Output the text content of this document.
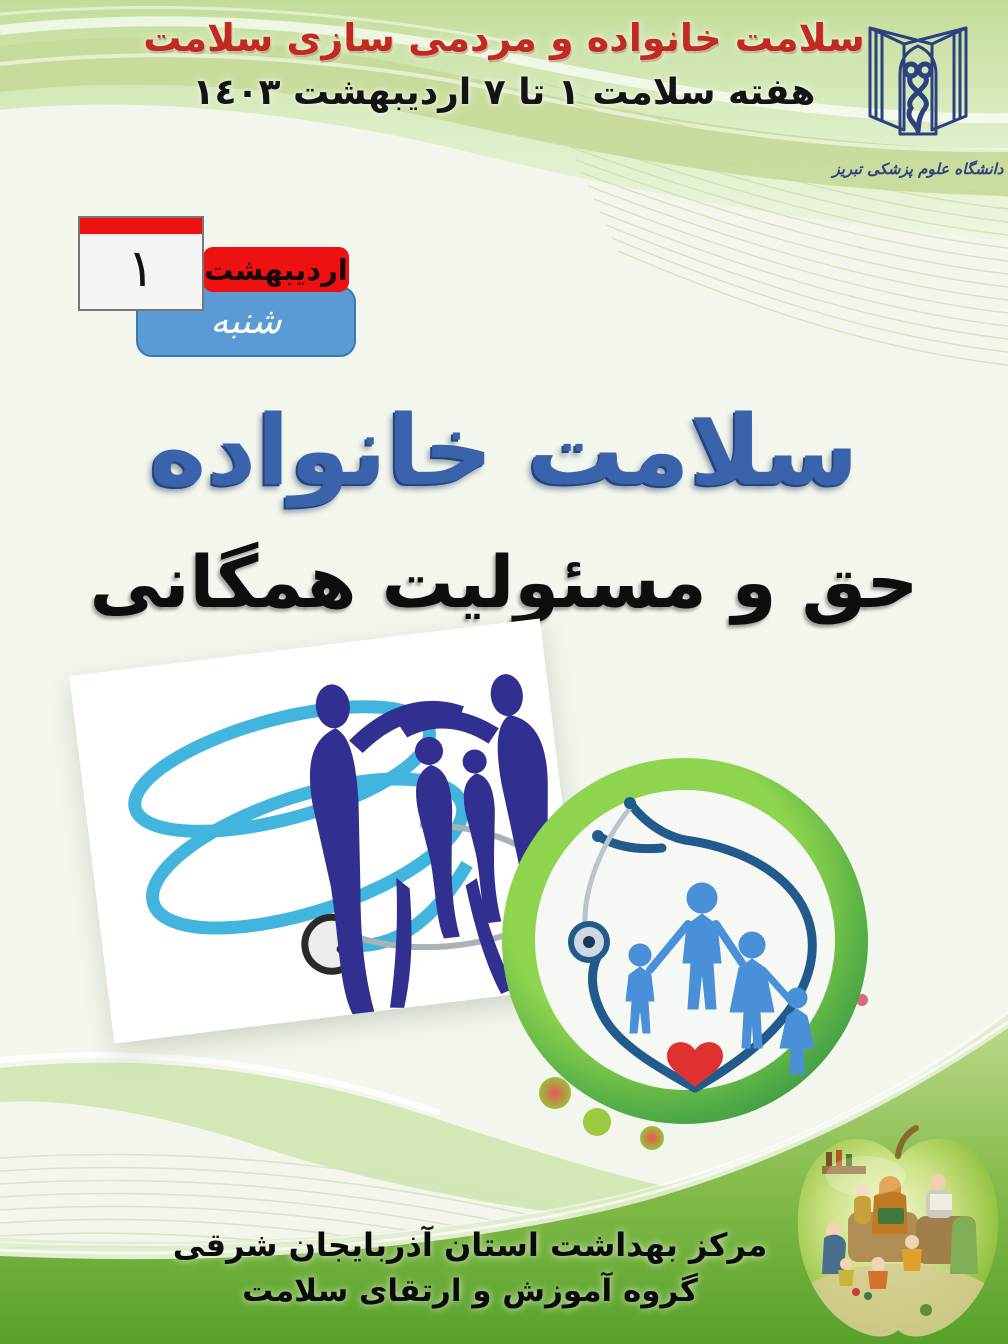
سلامت خانواده و مردمی سازی سلامت
هفته سلامت ١ تا ٧ اردیبهشت ١٤٠٣
دانشگاه علوم پزشکی تبریز
شنبه
اردیبهشت
١
سلامت خانواده
حق و مسئولیت همگانی
مرکز بهداشت استان آذربایجان شرقی
گروه آموزش و ارتقای سلامت
